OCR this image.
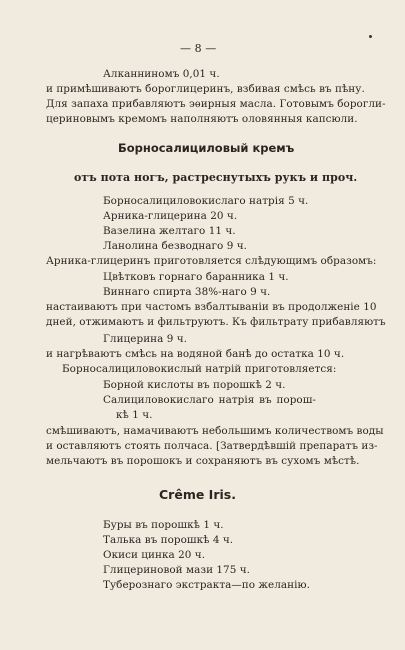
— 8 —
Алканниномъ 0,01 ч.
и примѣшиваютъ бороглицеринъ, взбивая смѣсь въ пѣну.
Для запаха прибавляютъ эѳирныя масла. Готовымъ борогли-
цериновымъ кремомъ наполняютъ оловянныя капсюли.
Борносалициловый кремъ
отъ пота ногъ, растреснутыхъ рукъ и проч.
Борносалициловокислаго натрія 5 ч.
Арника-глицерина 20 ч.
Вазелина желтаго 11 ч.
Ланолина безводнаго 9 ч.
Арника-глицеринъ приготовляется слѣдующимъ образомъ:
Цвѣтковъ горнаго баранника 1 ч.
Виннаго спирта 38%-наго 9 ч.
настаиваютъ при частомъ взбалтываніи въ продолженіе 10
дней, отжимаютъ и фильтруютъ. Къ фильтрату прибавляютъ
Глицерина 9 ч.
и нагрѣваютъ смѣсь на водяной банѣ до остатка 10 ч.
Борносалициловокислый натрій приготовляется:
Борной кислоты въ порошкѣ 2 ч.
Салициловокислаго натрія въ порош-
кѣ 1 ч.
смѣшиваютъ, намачиваютъ небольшимъ количествомъ воды
и оставляютъ стоять полчаса. [Затвердѣвшій препаратъ из-
мельчаютъ въ порошокъ и сохраняютъ въ сухомъ мѣстѣ.
Crême Iris.
Буры въ порошкѣ 1 ч.
Талька въ порошкѣ 4 ч.
Окиси цинка 20 ч.
Глицериновой мази 175 ч.
Туберознаго экстракта—по желанію.
